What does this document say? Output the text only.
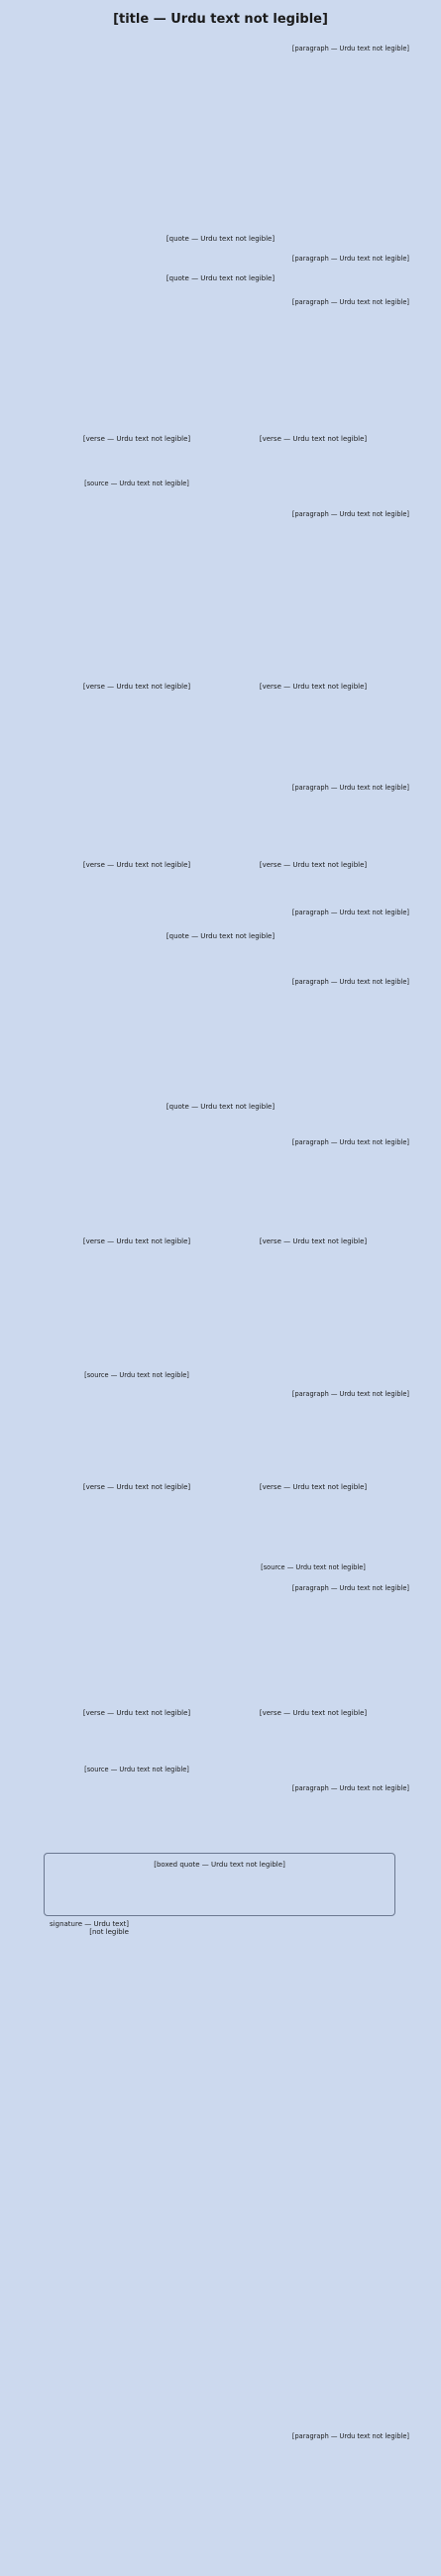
[title — Urdu text not legible]
[paragraph — Urdu text not legible]
[quote — Urdu text not legible]
[paragraph — Urdu text not legible]
[quote — Urdu text not legible]
[paragraph — Urdu text not legible]
[verse — Urdu text not legible]
[verse — Urdu text not legible]
[source — Urdu text not legible]
[paragraph — Urdu text not legible]
[verse — Urdu text not legible]
[verse — Urdu text not legible]
[paragraph — Urdu text not legible]
[verse — Urdu text not legible]
[verse — Urdu text not legible]
[paragraph — Urdu text not legible]
[quote — Urdu text not legible]
[paragraph — Urdu text not legible]
[quote — Urdu text not legible]
[paragraph — Urdu text not legible]
[verse — Urdu text not legible]
[verse — Urdu text not legible]
[source — Urdu text not legible]
[paragraph — Urdu text not legible]
[verse — Urdu text not legible]
[verse — Urdu text not legible]
[source — Urdu text not legible]
[paragraph — Urdu text not legible]
[verse — Urdu text not legible]
[verse — Urdu text not legible]
[source — Urdu text not legible]
[paragraph — Urdu text not legible]
[boxed quote — Urdu text not legible]
[signature — Urdu text not legible]
[paragraph — Urdu text not legible]
